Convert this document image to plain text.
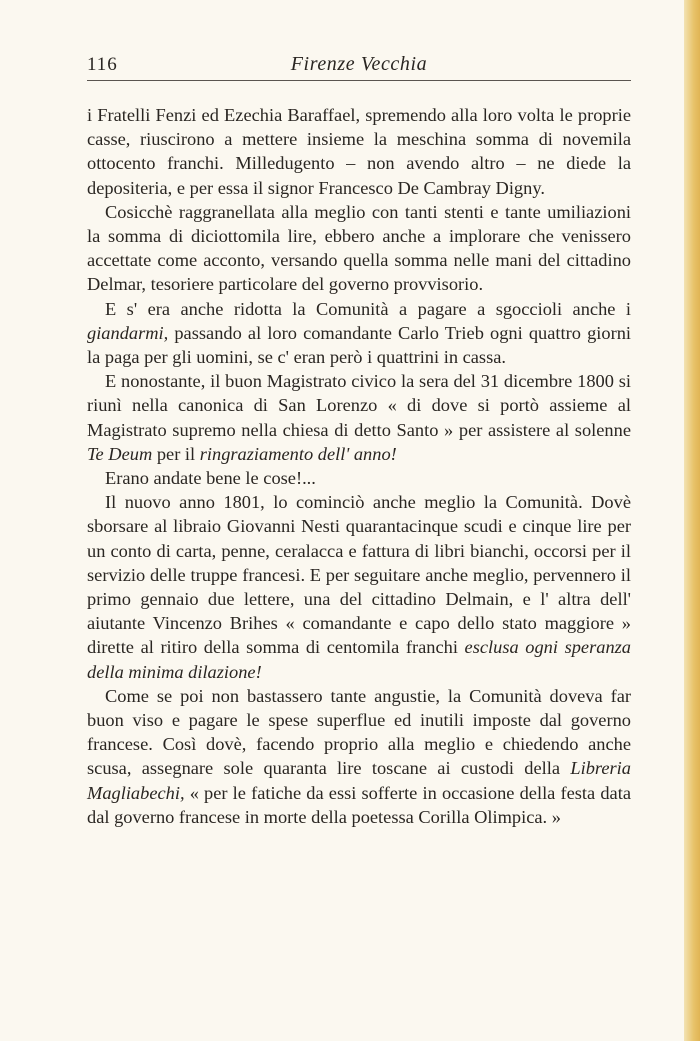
116	Firenze Vecchia

i Fratelli Fenzi ed Ezechia Baraffael, spremendo alla loro volta le proprie casse, riuscirono a mettere insieme la meschina somma di novemila ottocento franchi. Milledugento – non avendo altro – ne diede la depositeria, e per essa il signor Francesco De Cambray Digny.

Cosicchè raggranellata alla meglio con tanti stenti e tante umiliazioni la somma di diciottomila lire, ebbero anche a implorare che venissero accettate come acconto, versando quella somma nelle mani del cittadino Delmar, tesoriere particolare del governo provvisorio.

E s' era anche ridotta la Comunità a pagare a sgoccioli anche i giandarmi, passando al loro comandante Carlo Trieb ogni quattro giorni la paga per gli uomini, se c' eran però i quattrini in cassa.

E nonostante, il buon Magistrato civico la sera del 31 dicembre 1800 si riunì nella canonica di San Lorenzo « di dove si portò assieme al Magistrato supremo nella chiesa di detto Santo » per assistere al solenne Te Deum per il ringraziamento dell' anno!

Erano andate bene le cose!...

Il nuovo anno 1801, lo cominciò anche meglio la Comunità. Dovè sborsare al libraio Giovanni Nesti quarantacinque scudi e cinque lire per un conto di carta, penne, ceralacca e fattura di libri bianchi, occorsi per il servizio delle truppe francesi. E per seguitare anche meglio, pervennero il primo gennaio due lettere, una del cittadino Delmain, e l' altra dell' aiutante Vincenzo Brihes « comandante e capo dello stato maggiore » dirette al ritiro della somma di centomila franchi esclusa ogni speranza della minima dilazione!

Come se poi non bastassero tante angustie, la Comunità doveva far buon viso e pagare le spese superflue ed inutili imposte dal governo francese. Così dovè, facendo proprio alla meglio e chiedendo anche scusa, assegnare sole quaranta lire toscane ai custodi della Libreria Magliabechi, « per le fatiche da essi sofferte in occasione della festa data dal governo francese in morte della poetessa Corilla Olimpica. »
